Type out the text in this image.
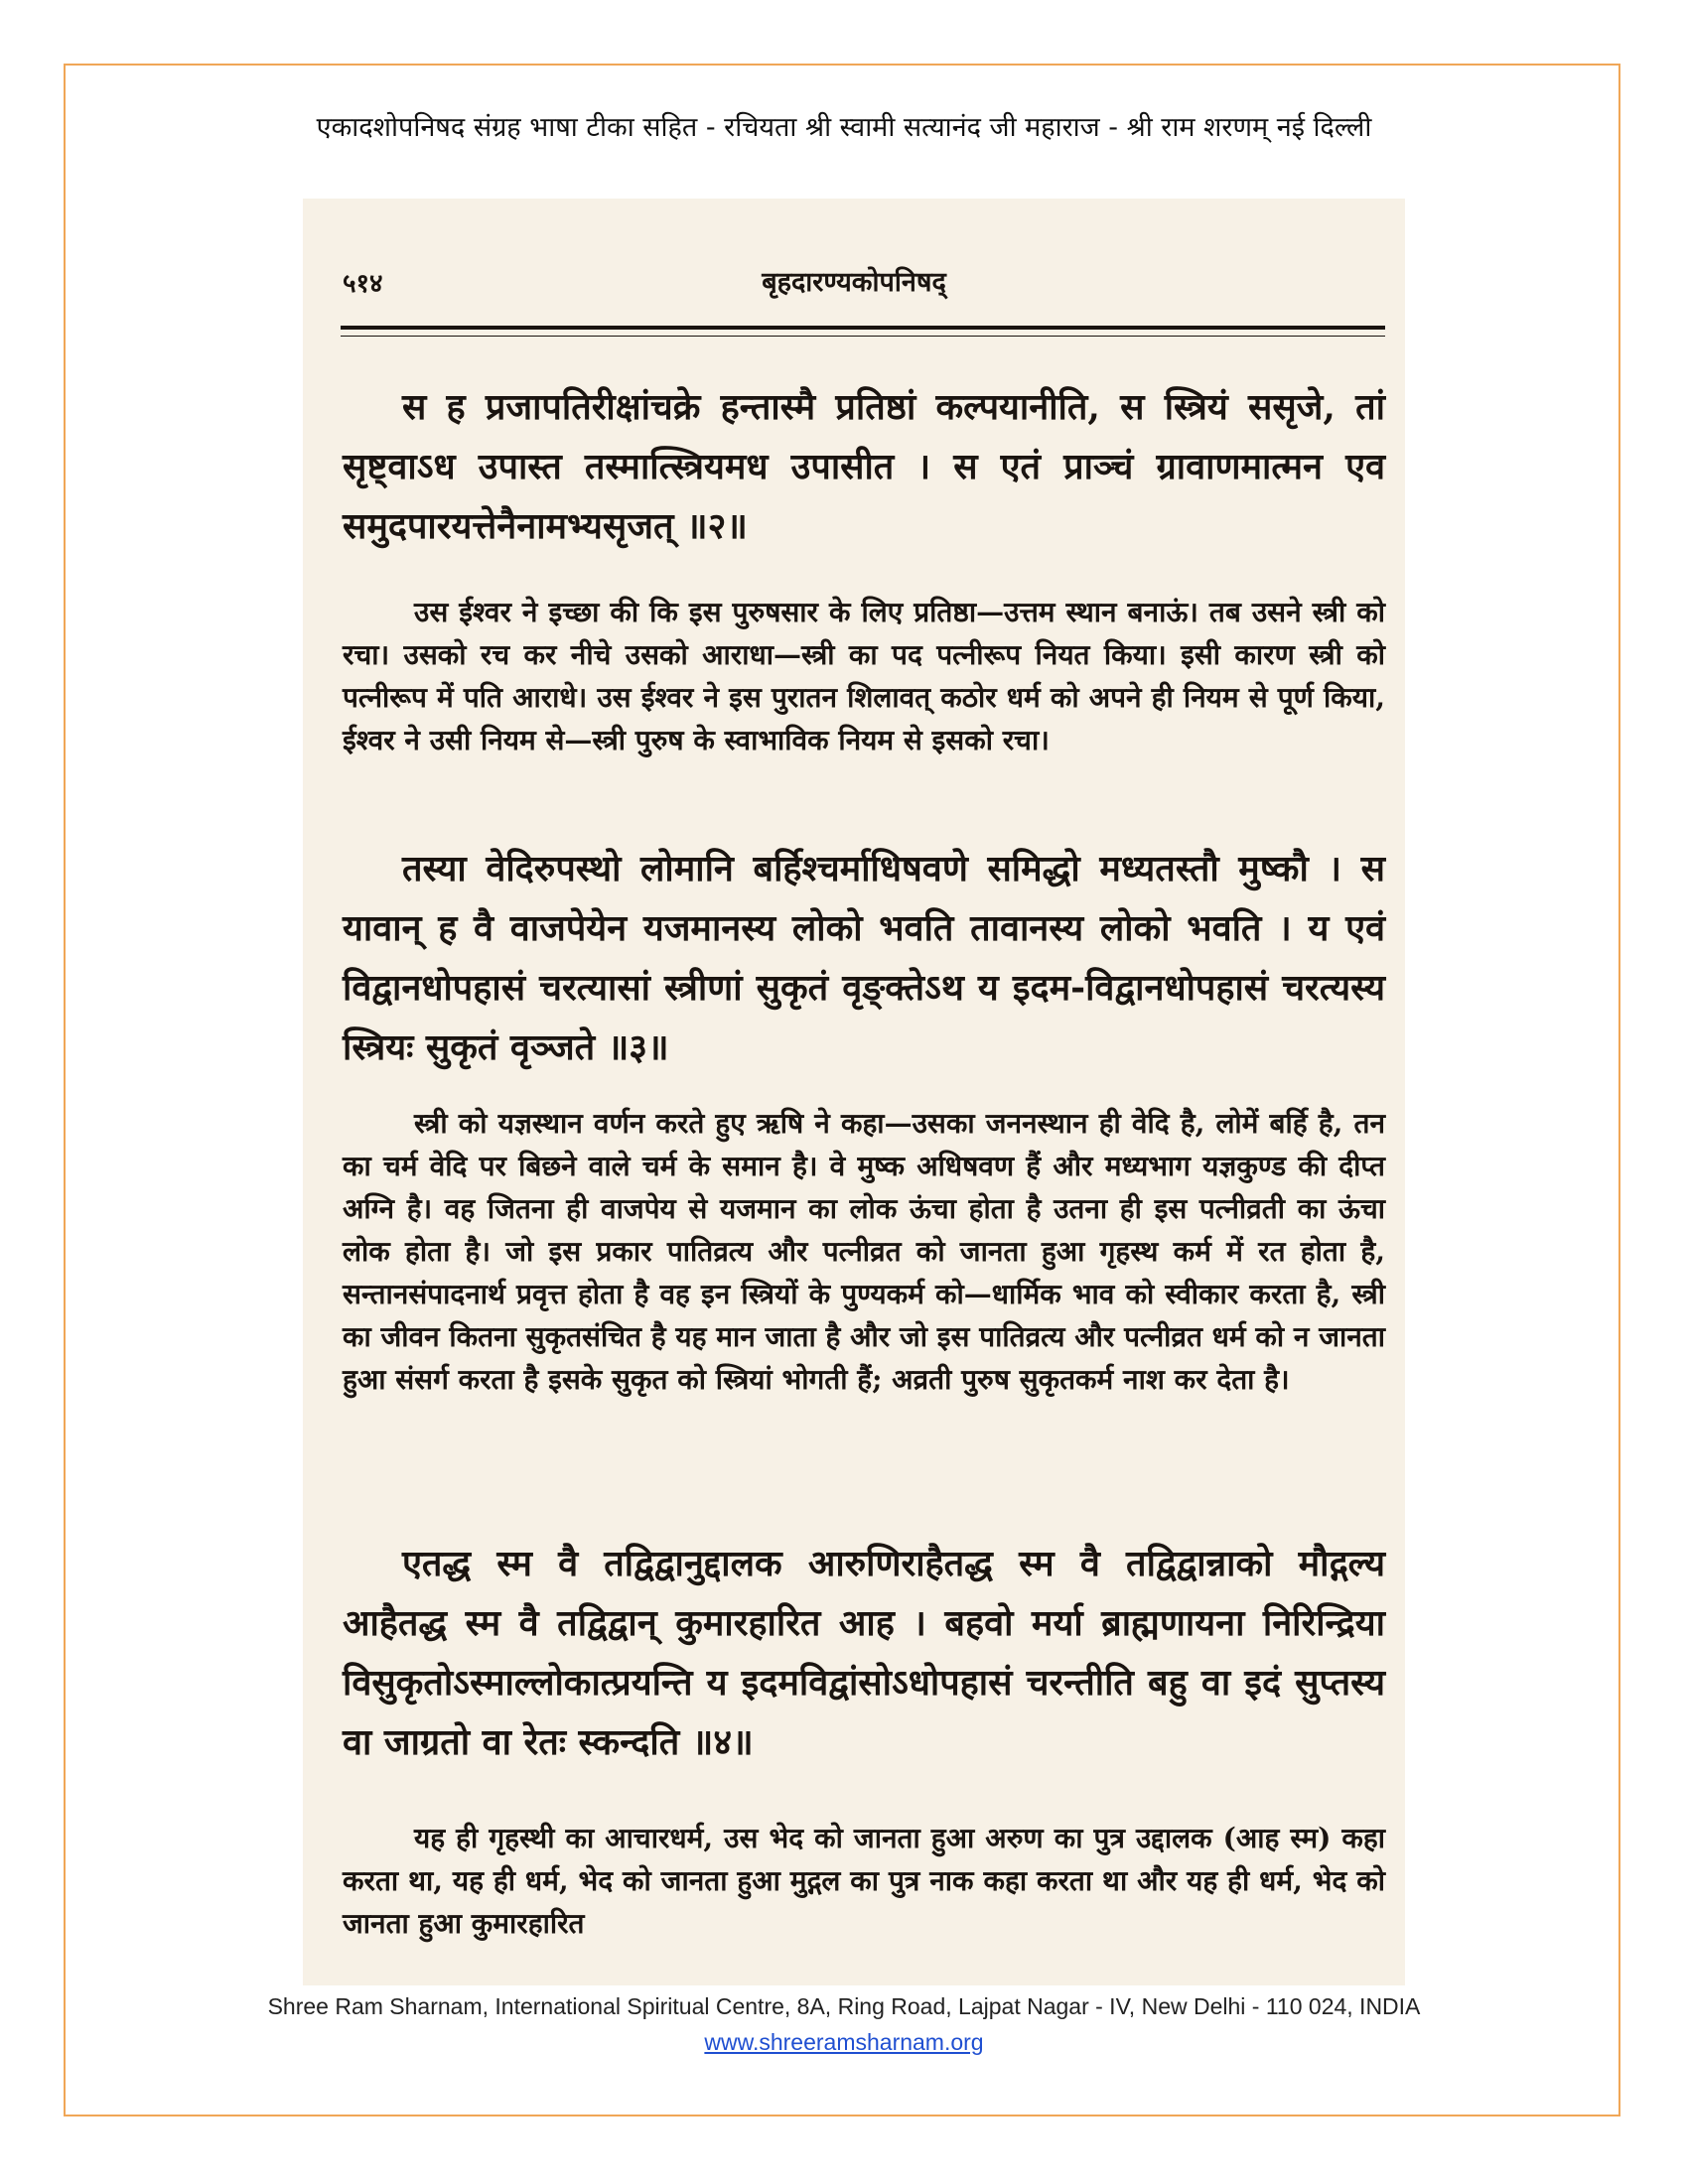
एकादशोपनिषद संग्रह भाषा टीका सहित - रचियता श्री स्वामी सत्यानंद जी महाराज - श्री राम शरणम् नई दिल्ली
५१४	बृहदारण्यकोपनिषद्
स ह प्रजापतिरीक्षांचक्रे हन्तास्मै प्रतिष्ठां कल्पयानीति, स स्त्रियं ससृजे, तां सृष्ट्वाऽध उपास्त तस्मात्स्त्रियमध उपासीत । स एतं प्राञ्चं ग्रावाणमात्मन एव समुदपारयत्तेनैनामभ्यसृजत् ॥२॥
उस ईश्वर ने इच्छा की कि इस पुरुषसार के लिए प्रतिष्ठा—उत्तम स्थान बनाऊं। तब उसने स्त्री को रचा। उसको रच कर नीचे उसको आराधा—स्त्री का पद पत्नीरूप नियत किया। इसी कारण स्त्री को पत्नीरूप में पति आराधे। उस ईश्वर ने इस पुरातन शिलावत् कठोर धर्म को अपने ही नियम से पूर्ण किया, ईश्वर ने उसी नियम से—स्त्री पुरुष के स्वाभाविक नियम से इसको रचा।
तस्या वेदिरुपस्थो लोमानि बर्हिश्चर्माधिषवणे समिद्धो मध्यतस्तौ मुष्कौ । स यावान् ह वै वाजपेयेन यजमानस्य लोको भवति तावानस्य लोको भवति । य एवं विद्वानधोपहासं चरत्यासां स्त्रीणां सुकृतं वृङ्क्तेऽथ य इदम-विद्वानधोपहासं चरत्यस्य स्त्रियः सुकृतं वृञ्जते ॥३॥
स्त्री को यज्ञस्थान वर्णन करते हुए ऋषि ने कहा—उसका जननस्थान ही वेदि है, लोमें बर्हि है, तन का चर्म वेदि पर बिछने वाले चर्म के समान है। वे मुष्क अधिषवण हैं और मध्यभाग यज्ञकुण्ड की दीप्त अग्नि है। वह जितना ही वाजपेय से यजमान का लोक ऊंचा होता है उतना ही इस पत्नीव्रती का ऊंचा लोक होता है। जो इस प्रकार पातिव्रत्य और पत्नीव्रत को जानता हुआ गृहस्थ कर्म में रत होता है, सन्तानसंपादनार्थ प्रवृत्त होता है वह इन स्त्रियों के पुण्यकर्म को—धार्मिक भाव को स्वीकार करता है, स्त्री का जीवन कितना सुकृतसंचित है यह मान जाता है और जो इस पातिव्रत्य और पत्नीव्रत धर्म को न जानता हुआ संसर्ग करता है इसके सुकृत को स्त्रियां भोगती हैं; अव्रती पुरुष सुकृतकर्म नाश कर देता है।
एतद्ध स्म वै तद्विद्वानुद्दालक आरुणिराहैतद्ध स्म वै तद्विद्वान्नाको मौद्गल्य आहैतद्ध स्म वै तद्विद्वान् कुमारहारित आह । बहवो मर्या ब्राह्मणायना निरिन्द्रिया विसुकृतोऽस्माल्लोकात्प्रयन्ति य इदमविद्वांसोऽधोपहासं चरन्तीति बहु वा इदं सुप्तस्य वा जाग्रतो वा रेतः स्कन्दति ॥४॥
यह ही गृहस्थी का आचारधर्म, उस भेद को जानता हुआ अरुण का पुत्र उद्दालक (आह स्म) कहा करता था, यह ही धर्म, भेद को जानता हुआ मुद्गल का पुत्र नाक कहा करता था और यह ही धर्म, भेद को जानता हुआ कुमारहारित
Shree Ram Sharnam, International Spiritual Centre, 8A, Ring Road, Lajpat Nagar - IV, New Delhi - 110 024, INDIA
www.shreeramsharnam.org
